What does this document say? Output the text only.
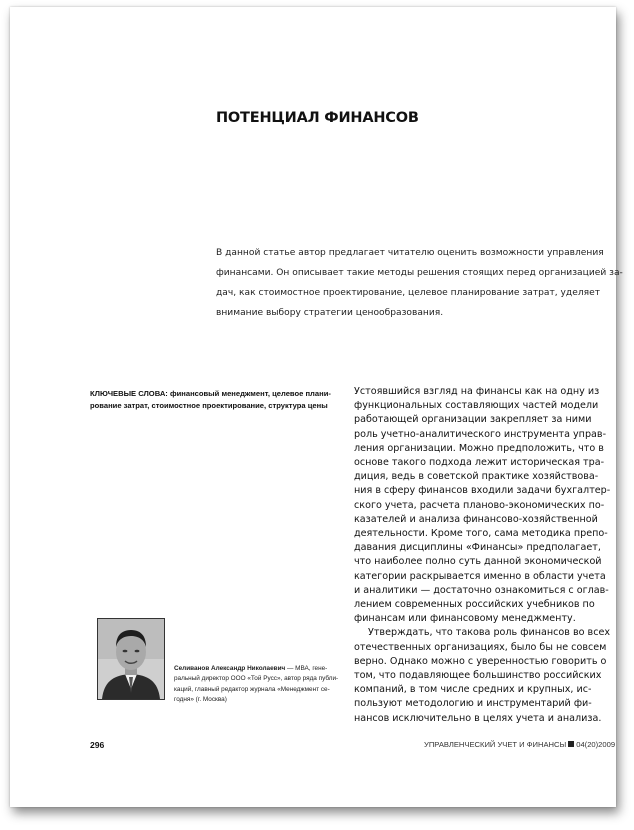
ПОТЕНЦИАЛ ФИНАНСОВ
В данной статье автор предлагает читателю оценить возможности управления
финансами. Он описывает такие методы решения стоящих перед организацией за-
дач, как стоимостное проектирование, целевое планирование затрат, уделяет
внимание выбору стратегии ценообразования.
КЛЮЧЕВЫЕ СЛОВА: финансовый менеджмент, целевое плани-
рование затрат, стоимостное проектирование, структура цены
Устоявшийся взгляд на финансы как на одну из
функциональных составляющих частей модели
работающей организации закрепляет за ними
роль учетно-аналитического инструмента управ-
ления организации. Можно предположить, что в
основе такого подхода лежит историческая тра-
диция, ведь в советской практике хозяйствова-
ния в сферу финансов входили задачи бухгалтер-
ского учета, расчета планово-экономических по-
казателей и анализа финансово-хозяйственной
деятельности. Кроме того, сама методика препо-
давания дисциплины «Финансы» предполагает,
что наиболее полно суть данной экономической
категории раскрывается именно в области учета
и аналитики — достаточно ознакомиться с оглав-
лением современных российских учебников по
финансам или финансовому менеджменту.
Утверждать, что такова роль финансов во всех
отечественных организациях, было бы не совсем
верно. Однако можно с уверенностью говорить о
том, что подавляющее большинство российских
компаний, в том числе средних и крупных, ис-
пользуют методологию и инструментарий фи-
нансов исключительно в целях учета и анализа.
Селиванов Александр Николаевич — МВА, гене-
ральный директор ООО «Той Русс», автор ряда публи-
каций, главный редактор журнала «Менеджмент се-
годня» (г. Москва)
296	УПРАВЛЕНЧЕСКИЙ УЧЕТ И ФИНАНСЫ 04(20)2009
